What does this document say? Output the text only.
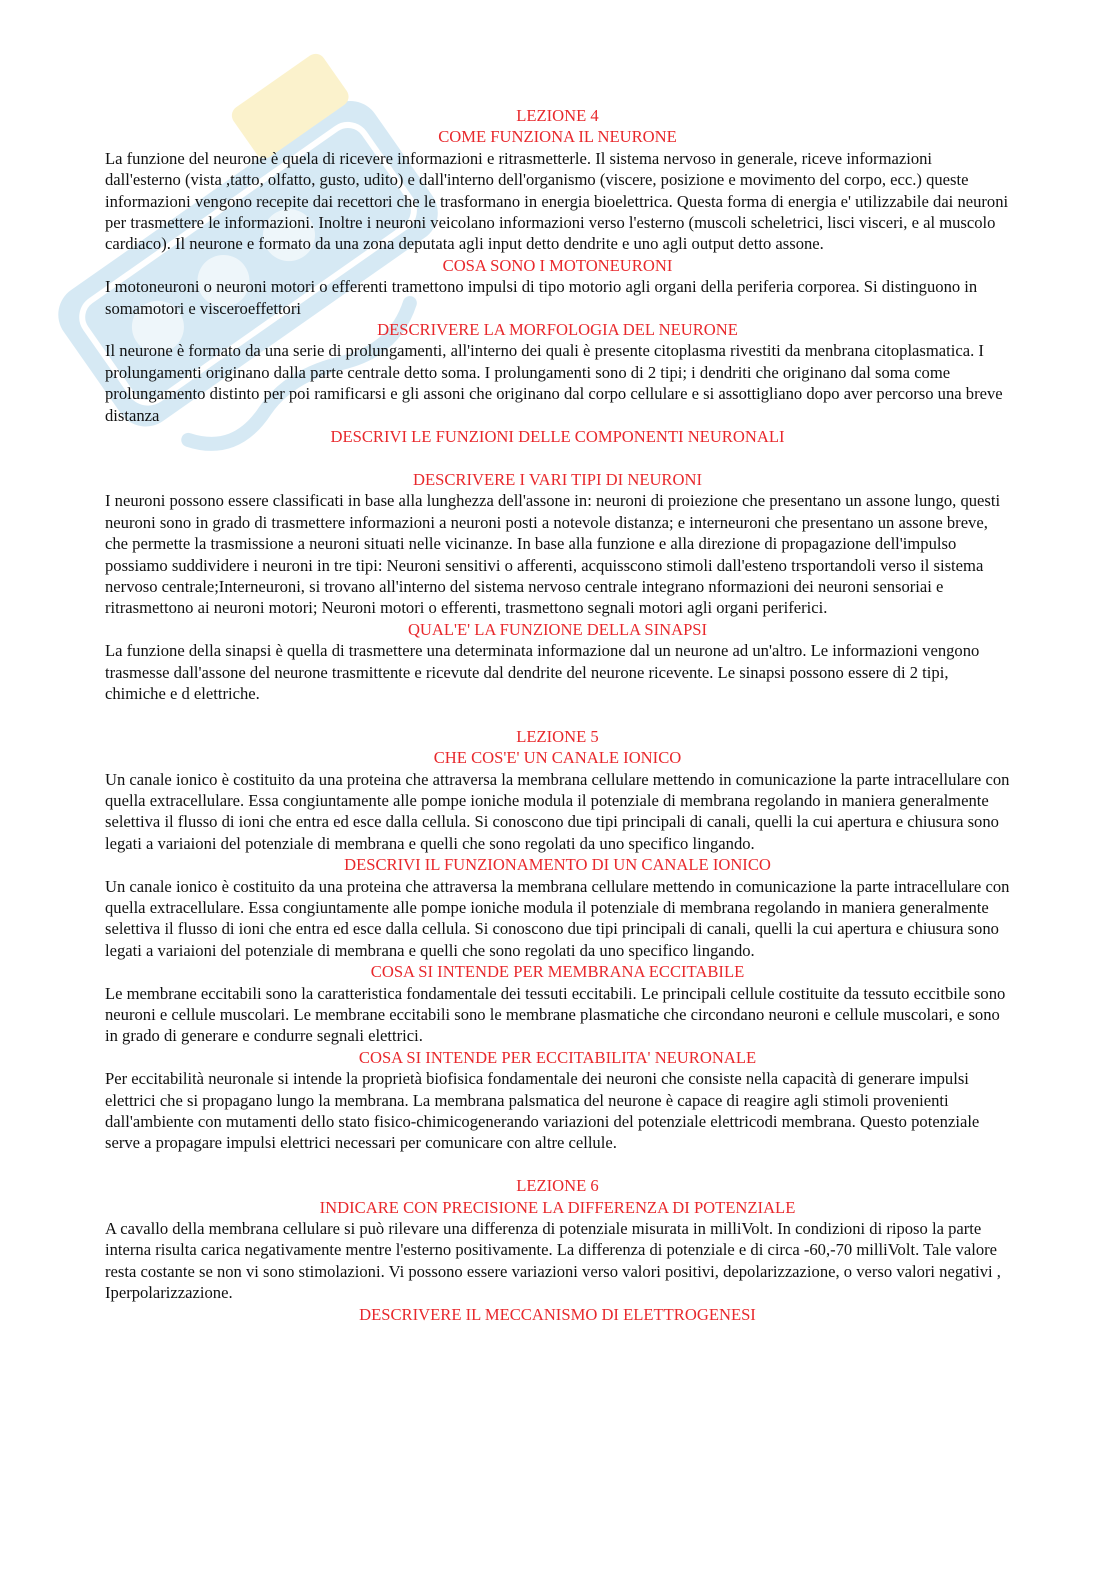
LEZIONE 4
COME FUNZIONA IL NEURONE
La funzione del neurone è quela di ricevere informazioni e ritrasmetterle. Il sistema nervoso in generale, riceve informazioni dall'esterno (vista ,tatto, olfatto, gusto, udito) e dall'interno dell'organismo (viscere, posizione e movimento del corpo, ecc.) queste informazioni vengono recepite dai recettori che le trasformano in energia bioelettrica. Questa forma di energia e' utilizzabile dai neuroni per trasmettere le informazioni. Inoltre i neuroni veicolano informazioni verso l'esterno (muscoli scheletrici, lisci visceri, e al muscolo cardiaco). Il neurone e formato da una zona deputata agli input detto dendrite e uno agli output detto assone.
COSA SONO I MOTONEURONI
I motoneuroni o neuroni motori o efferenti tramettono impulsi di tipo motorio agli organi della periferia corporea. Si distinguono in somamotori e visceroeffettori
DESCRIVERE LA MORFOLOGIA DEL NEURONE
Il neurone è formato da una serie di prolungamenti, all'interno dei quali è presente citoplasma rivestiti da menbrana citoplasmatica. I prolungamenti originano dalla parte centrale detto soma. I prolungamenti sono di 2 tipi; i dendriti che originano dal soma come prolungamento distinto per poi ramificarsi e gli assoni che originano dal corpo cellulare e si assottigliano dopo aver percorso una breve distanza
DESCRIVI LE FUNZIONI DELLE COMPONENTI NEURONALI
DESCRIVERE I VARI TIPI DI NEURONI
I neuroni possono essere classificati in base alla lunghezza dell'assone in: neuroni di proiezione che presentano un assone lungo, questi neuroni sono in grado di trasmettere informazioni a neuroni posti a notevole distanza; e interneuroni che presentano un assone breve, che permette la trasmissione a neuroni situati nelle vicinanze. In base alla funzione e alla direzione di propagazione dell'impulso possiamo suddividere i neuroni in tre tipi: Neuroni sensitivi o afferenti, acquisscono stimoli dall'esteno trsportandoli verso il sistema nervoso centrale;Interneuroni, si trovano all'interno del sistema nervoso centrale integrano nformazioni dei neuroni sensoriai e ritrasmettono ai neuroni motori; Neuroni motori o efferenti, trasmettono segnali motori agli organi periferici.
QUAL'E' LA FUNZIONE DELLA SINAPSI
La funzione della sinapsi è quella di trasmettere una determinata informazione dal un neurone ad un'altro. Le informazioni vengono trasmesse dall'assone del neurone trasmittente e ricevute dal dendrite del neurone ricevente. Le sinapsi possono essere di 2 tipi, chimiche e d elettriche.
LEZIONE 5
CHE COS'E' UN CANALE IONICO
Un canale ionico è costituito da una proteina che attraversa la membrana cellulare mettendo in comunicazione la parte intracellulare con quella extracellulare. Essa congiuntamente alle pompe ioniche modula il potenziale di membrana regolando in maniera generalmente selettiva il flusso di ioni che entra ed esce dalla cellula. Si conoscono due tipi principali di canali, quelli la cui apertura e chiusura sono legati a variaioni del potenziale di membrana e quelli che sono regolati da uno specifico lingando.
DESCRIVI IL FUNZIONAMENTO DI UN CANALE IONICO
Un canale ionico è costituito da una proteina che attraversa la membrana cellulare mettendo in comunicazione la parte intracellulare con quella extracellulare. Essa congiuntamente alle pompe ioniche modula il potenziale di membrana regolando in maniera generalmente selettiva il flusso di ioni che entra ed esce dalla cellula. Si conoscono due tipi principali di canali, quelli la cui apertura e chiusura sono legati a variaioni del potenziale di membrana e quelli che sono regolati da uno specifico lingando.
COSA SI INTENDE PER MEMBRANA ECCITABILE
Le membrane eccitabili sono la caratteristica fondamentale dei tessuti eccitabili. Le principali cellule costituite da tessuto eccitbile sono neuroni e cellule muscolari. Le membrane eccitabili sono le membrane plasmatiche che circondano neuroni e cellule muscolari, e sono in grado di generare e condurre segnali elettrici.
COSA SI INTENDE PER ECCITABILITA' NEURONALE
Per eccitabilità neuronale si intende la proprietà biofisica fondamentale dei neuroni che consiste nella capacità di generare impulsi elettrici che si propagano lungo la membrana. La membrana palsmatica del neurone è capace di reagire agli stimoli provenienti dall'ambiente con mutamenti dello stato fisico-chimicogenerando variazioni del potenziale elettricodi membrana. Questo potenziale serve a propagare impulsi elettrici necessari per comunicare con altre cellule.
LEZIONE 6
INDICARE CON PRECISIONE LA DIFFERENZA DI POTENZIALE
A cavallo della membrana cellulare si può rilevare una differenza di potenziale misurata in milliVolt. In condizioni di riposo la parte interna risulta carica negativamente mentre l'esterno positivamente. La differenza di potenziale e di circa -60,-70 milliVolt. Tale valore resta costante se non vi sono stimolazioni. Vi possono essere variazioni verso valori positivi, depolarizzazione, o verso valori negativi , Iperpolarizzazione.
DESCRIVERE IL MECCANISMO DI ELETTROGENESI
